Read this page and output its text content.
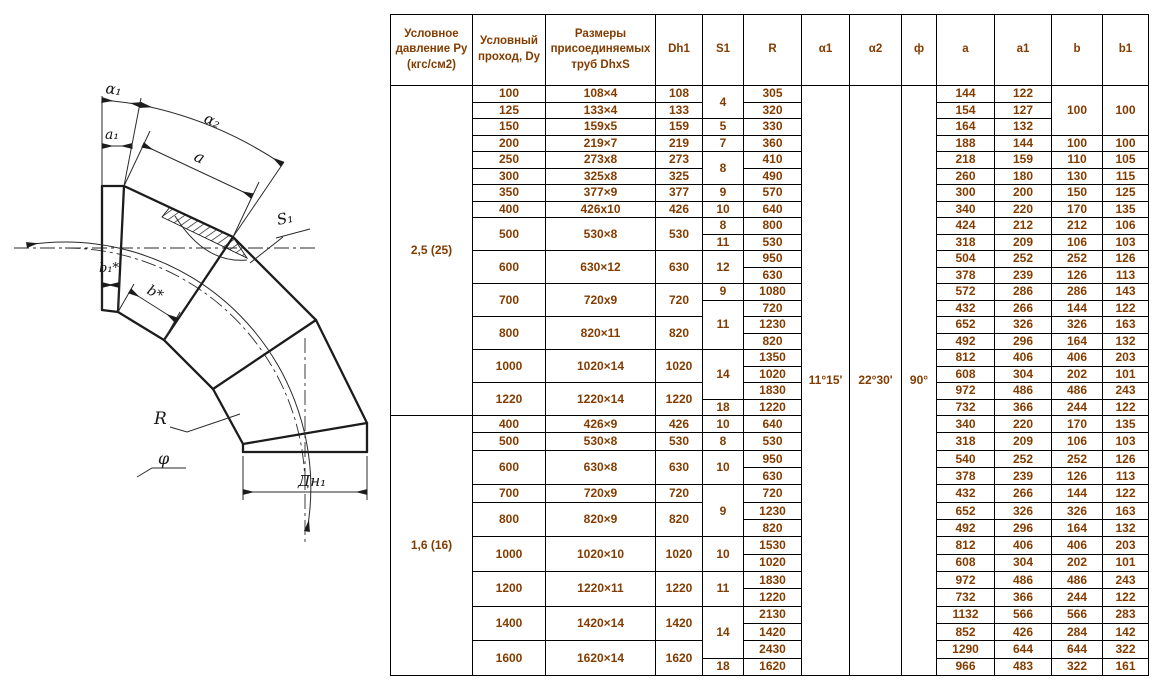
α₁
α₂
a₁
a
S₁
b₁*
b*
R
φ
Дн₁
Условное давление Ру (кгс/см2)	Условный проход, Dy	Размеры присоединяемых труб DhxS	Dh1	S1	R	α1	α2	ф	a	a1	b	b1
2,5 (25)	100	108×4	108	4	305	11°15'	22°30'	90°	144	122	100	100
	125	133×4	133		320				154	127		
	150	159x5	159	5	330				164	132		
	200	219×7	219	7	360				188	144	100	100
	250	273x8	273	8	410				218	159	110	105
	300	325x8	325		490				260	180	130	115
	350	377×9	377	9	570				300	200	150	125
	400	426x10	426	10	640				340	220	170	135
	500	530×8	530	8	800				424	212	212	106
				11	530				318	209	106	103
	600	630×12	630	12	950				504	252	252	126
					630				378	239	126	113
	700	720x9	720	9	1080				572	286	286	143
				11	720				432	266	144	122
	800	820×11	820		1230				652	326	326	163
					820				492	296	164	132
	1000	1020×14	1020	14	1350				812	406	406	203
					1020				608	304	202	101
	1220	1220×14	1220		1830				972	486	486	243
				18	1220				732	366	244	122
1,6 (16)	400	426×9	426	10	640				340	220	170	135
	500	530×8	530	8	530				318	209	106	103
	600	630×8	630	10	950				540	252	252	126
					630				378	239	126	113
	700	720x9	720	9	720				432	266	144	122
	800	820×9	820		1230				652	326	326	163
					820				492	296	164	132
	1000	1020×10	1020	10	1530				812	406	406	203
					1020				608	304	202	101
	1200	1220×11	1220	11	1830				972	486	486	243
					1220				732	366	244	122
	1400	1420×14	1420	14	2130				1132	566	566	283
					1420				852	426	284	142
	1600	1620×14	1620		2430				1290	644	644	322
				18	1620				966	483	322	161
